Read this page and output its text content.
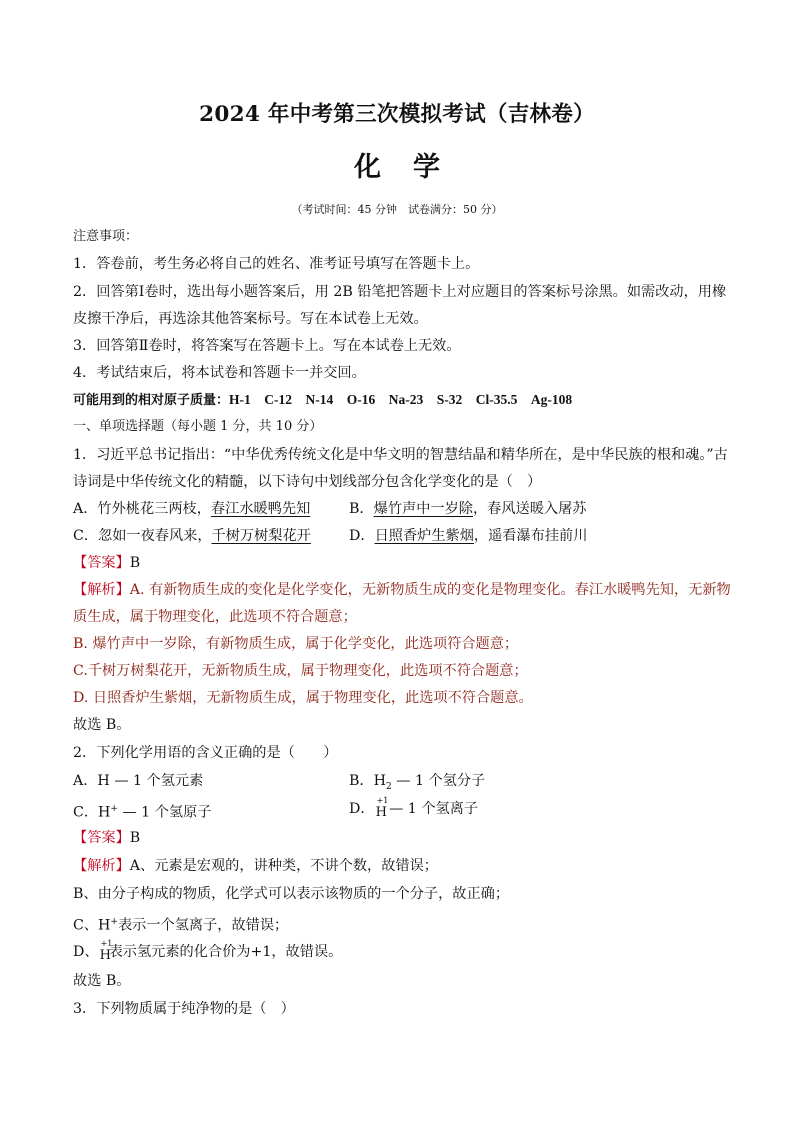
2024 年中考第三次模拟考试（吉林卷）
化学
（考试时间：45 分钟　试卷满分：50 分）
注意事项：
1．答卷前，考生务必将自己的姓名、准考证号填写在答题卡上。
2．回答第Ⅰ卷时，选出每小题答案后，用 2B 铅笔把答题卡上对应题目的答案标号涂黑。如需改动，用橡
皮擦干净后，再选涂其他答案标号。写在本试卷上无效。
3．回答第Ⅱ卷时，将答案写在答题卡上。写在本试卷上无效。
4．考试结束后，将本试卷和答题卡一并交回。
可能用到的相对原子质量：H-1　C-12　N-14　O-16　Na-23　S-32　Cl-35.5　Ag-108
一、单项选择题（每小题 1 分，共 10 分）
1．习近平总书记指出：“中华优秀传统文化是中华文明的智慧结晶和精华所在，是中华民族的根和魂。”古
诗词是中华传统文化的精髓，以下诗句中划线部分包含化学变化的是（　）
A．竹外桃花三两枝，春江水暖鸭先知	B．爆竹声中一岁除，春风送暖入屠苏
C．忽如一夜春风来，千树万树梨花开	D．日照香炉生紫烟，遥看瀑布挂前川
【答案】B
【解析】A. 有新物质生成的变化是化学变化，无新物质生成的变化是物理变化。春江水暖鸭先知，无新物
质生成，属于物理变化，此选项不符合题意；
B. 爆竹声中一岁除，有新物质生成，属于化学变化，此选项符合题意；
C.千树万树梨花开，无新物质生成，属于物理变化，此选项不符合题意；
D. 日照香炉生紫烟，无新物质生成，属于物理变化，此选项不符合题意。
故选 B。
2．下列化学用语的含义正确的是（　　）
A．H — 1 个氢元素	B．$H_2$ — 1 个氢分子
C．H+ — 1 个氢原子	D．
+1
H
— 1 个氢离子
【答案】B
【解析】A、元素是宏观的，讲种类，不讲个数，故错误；
B、由分子构成的物质，化学式可以表示该物质的一个分子，故正确；
C、H+表示一个氢离子，故错误；
D、
+1
H
表示氢元素的化合价为+1，故错误。
故选 B。
3．下列物质属于纯净物的是（　）
